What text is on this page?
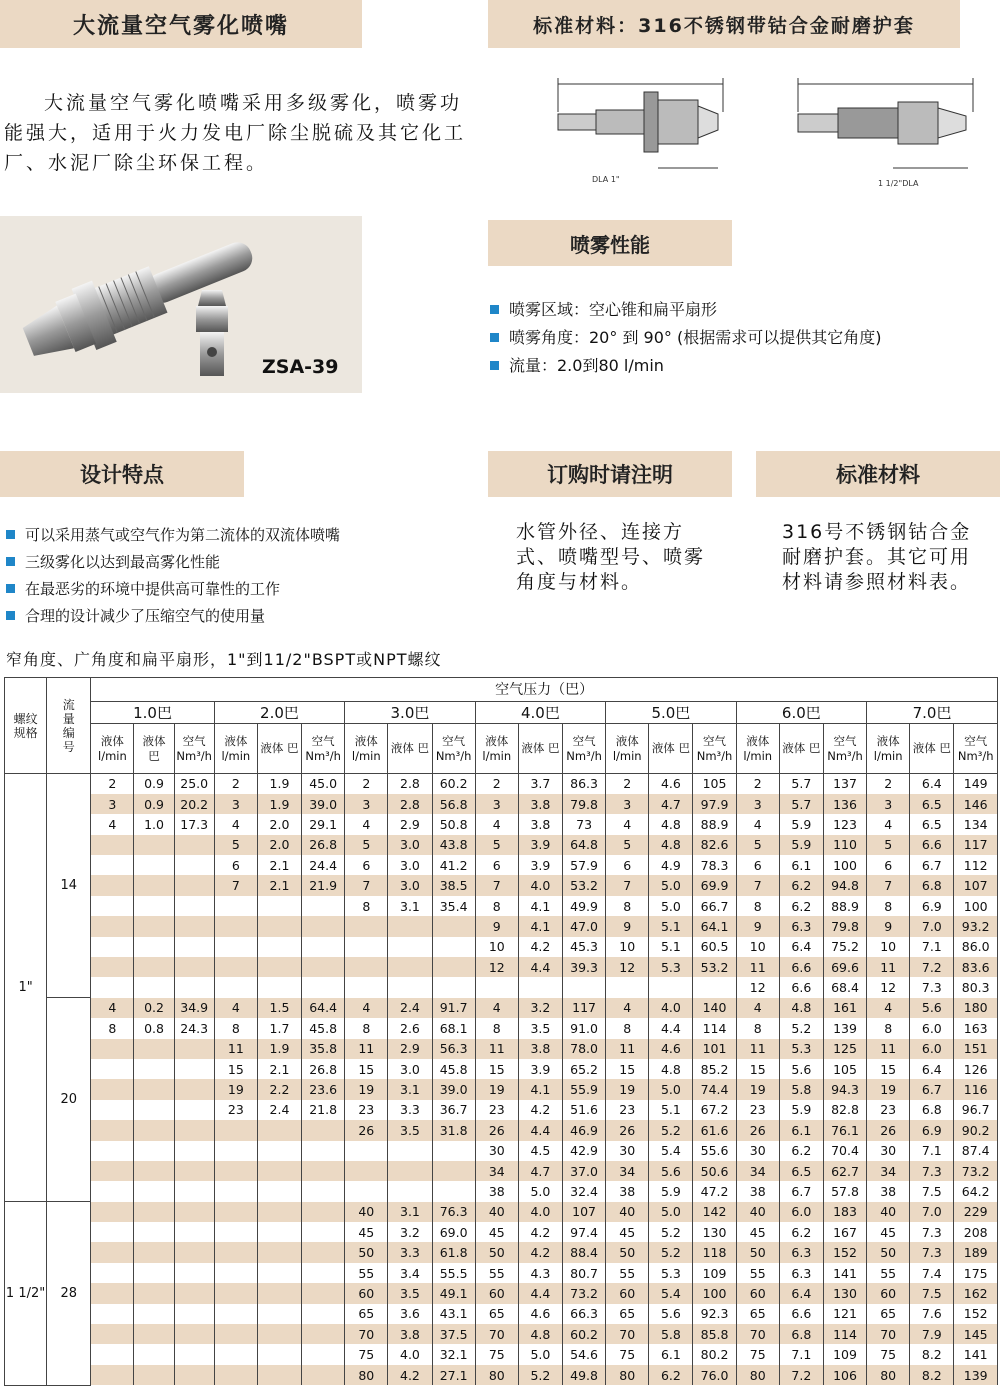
大流量空气雾化喷嘴	标准材料：316不锈钢带钴合金耐磨护套
大流量空气雾化喷嘴采用多级雾化，喷雾功能强大，适用于火力发电厂除尘脱硫及其它化工厂、水泥厂除尘环保工程。
ZSA-39
DLA 1"	1 1/2"DLA
喷雾性能
喷雾区域：空心锥和扁平扇形
喷雾角度：20° 到 90° (根据需求可以提供其它角度)
流量：2.0到80 l/min
设计特点	订购时请注明	标准材料
可以采用蒸气或空气作为第二流体的双流体喷嘴
三级雾化以达到最高雾化性能
在最恶劣的环境中提供高可靠性的工作
合理的设计减少了压缩空气的使用量
水管外径、连接方式、喷嘴型号、喷雾角度与材料。
316号不锈钢钴合金耐磨护套。其它可用材料请参照材料表。
窄角度、广角度和扁平扇形，1"到11/2"BSPT或NPT螺纹
螺纹规格	流量编号	空气压力（巴）																				
		1.0巴			2.0巴			3.0巴			4.0巴			5.0巴			6.0巴			7.0巴		
		液体 l/min	液体 巴	空气 Nm³/h	液体 l/min	液体 巴	空气 Nm³/h	液体 l/min	液体 巴	空气 Nm³/h	液体 l/min	液体 巴	空气 Nm³/h	液体 l/min	液体 巴	空气 Nm³/h	液体 l/min	液体 巴	空气 Nm³/h	液体 l/min	液体 巴	空气 Nm³/h
1"	14	2	0.9	25.0	2	1.9	45.0	2	2.8	60.2	2	3.7	86.3	2	4.6	105	2	5.7	137	2	6.4	149
		3	0.9	20.2	3	1.9	39.0	3	2.8	56.8	3	3.8	79.8	3	4.7	97.9	3	5.7	136	3	6.5	146
		4	1.0	17.3	4	2.0	29.1	4	2.9	50.8	4	3.8	73	4	4.8	88.9	4	5.9	123	4	6.5	134
					5	2.0	26.8	5	3.0	43.8	5	3.9	64.8	5	4.8	82.6	5	5.9	110	5	6.6	117
					6	2.1	24.4	6	3.0	41.2	6	3.9	57.9	6	4.9	78.3	6	6.1	100	6	6.7	112
					7	2.1	21.9	7	3.0	38.5	7	4.0	53.2	7	5.0	69.9	7	6.2	94.8	7	6.8	107
								8	3.1	35.4	8	4.1	49.9	8	5.0	66.7	8	6.2	88.9	8	6.9	100
											9	4.1	47.0	9	5.1	64.1	9	6.3	79.8	9	7.0	93.2
											10	4.2	45.3	10	5.1	60.5	10	6.4	75.2	10	7.1	86.0
											12	4.4	39.3	12	5.3	53.2	11	6.6	69.6	11	7.2	83.6
																	12	6.6	68.4	12	7.3	80.3
	20	4	0.2	34.9	4	1.5	64.4	4	2.4	91.7	4	3.2	117	4	4.0	140	4	4.8	161	4	5.6	180
		8	0.8	24.3	8	1.7	45.8	8	2.6	68.1	8	3.5	91.0	8	4.4	114	8	5.2	139	8	6.0	163
					11	1.9	35.8	11	2.9	56.3	11	3.8	78.0	11	4.6	101	11	5.3	125	11	6.0	151
					15	2.1	26.8	15	3.0	45.8	15	3.9	65.2	15	4.8	85.2	15	5.6	105	15	6.4	126
					19	2.2	23.6	19	3.1	39.0	19	4.1	55.9	19	5.0	74.4	19	5.8	94.3	19	6.7	116
					23	2.4	21.8	23	3.3	36.7	23	4.2	51.6	23	5.1	67.2	23	5.9	82.8	23	6.8	96.7
								26	3.5	31.8	26	4.4	46.9	26	5.2	61.6	26	6.1	76.1	26	6.9	90.2
											30	4.5	42.9	30	5.4	55.6	30	6.2	70.4	30	7.1	87.4
											34	4.7	37.0	34	5.6	50.6	34	6.5	62.7	34	7.3	73.2
											38	5.0	32.4	38	5.9	47.2	38	6.7	57.8	38	7.5	64.2
1 1/2"	28							40	3.1	76.3	40	4.0	107	40	5.0	142	40	6.0	183	40	7.0	229
								45	3.2	69.0	45	4.2	97.4	45	5.2	130	45	6.2	167	45	7.3	208
								50	3.3	61.8	50	4.2	88.4	50	5.2	118	50	6.3	152	50	7.3	189
								55	3.4	55.5	55	4.3	80.7	55	5.3	109	55	6.3	141	55	7.4	175
								60	3.5	49.1	60	4.4	73.2	60	5.4	100	60	6.4	130	60	7.5	162
								65	3.6	43.1	65	4.6	66.3	65	5.6	92.3	65	6.6	121	65	7.6	152
								70	3.8	37.5	70	4.8	60.2	70	5.8	85.8	70	6.8	114	70	7.9	145
								75	4.0	32.1	75	5.0	54.6	75	6.1	80.2	75	7.1	109	75	8.2	141
								80	4.2	27.1	80	5.2	49.8	80	6.2	76.0	80	7.2	106	80	8.2	139
